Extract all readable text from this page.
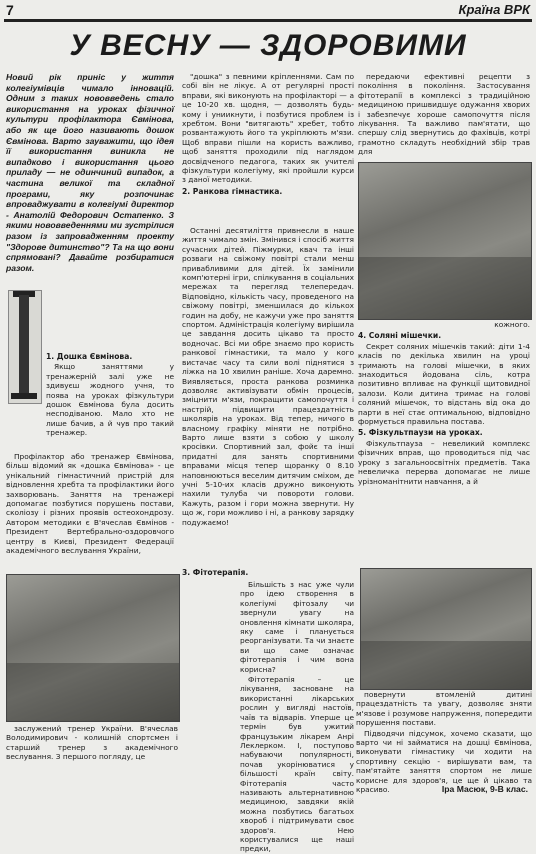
7	Країна ВРК
У ВЕСНУ — ЗДОРОВИМИ

Новий рік приніс у життя колегіумівців чимало інновацій. Одним з таких нововведень стало використання на уроках фізичної культури профілактора Євмінова, або як ще його називають дошок Євмінова. Варто зауважити, що ідея її використання виникла не випадково і використання цього приладу — не одинчиний випадок, а частина великої та складної програми, яку розпочинає впроваджувати в колегіумі директор - Анатолій Федорович Остапенко. З якими нововведеннями ми зустрілися разом із запровадженням проекту "Здорове дитинство"? Та на що вони спрямовані? Давайте розбиратися разом.

1. Дошка Євмінова.

Якщо заняттями у тренажерній залі уже не здивуєш жодного учня, то поява на уроках фізкультури дошок Євмінова була досить несподіваною. Мало хто не лише бачив, а й чув про такий тренажер.

Профілактор або тренажер Євмінова, більш відомий як «дошка Євмінова» - це унікальний гімнастичний пристрій для відновлення хребта та профілактики його захворювань. Заняття на тренажері допомагає позбутися порушень постави, сколіозу і різних проявів остеохондрозу. Автором методики є В'ячеслав Євмінов - Президент Вертебрально-оздоровчого центру в Києві, Президент Федерації академічного веслування України,

заслужений тренер України. В'ячеслав Володимирович - колишній спортсмен і старший тренер з академічного веслування. З першого погляду, це

"дошка" з певними кріпленнями. Сам по собі він не лікує. А от регулярні прості вправи, які виконують на профілакторі — а це 10-20 хв. щодня, — дозволять будь-кому і униикнути, і позбутися проблем із хребтом. Вони "витягають" хребет, тобто розвантажують його та укріплюють м'язи. Щоб вправи пішли на користь важливо, щоб заняття проходили під наглядом досвідченого педагога, таких як учителі фізкультури колегіуму, які пройшли курси з даної методики.

2. Ранкова гімнастика.

Останні десятиліття привнесли в наше життя чимало змін. Змінився і спосіб життя сучасних дітей. Піжмурки, квач та інші розваги на свіжому повітрі стали менш привабливими для дітей. Їх замінили комп'ютерні ігри, спілкування в соціальних мережах та перегляд телепередач. Відповідно, кількість часу, проведеного на свіжому повітрі, зменшилася до кількох годин на добу, не кажучи уже про заняття спортом. Адміністрація колегіуму вирішила це завдання досить цікаво та просто водночас. Всі ми обре знаємо про користь ранкової гімнастики, та мало у кого вистачає часу та сили волі піднятися з ліжка на 10 хвилин раніше. Хоча даремно. Виявляється, проста ранкова розминка дозволяє активізувати обмін процесів, зміцнити м'язи, покращити самопочуття і настрій, підвищити працездатність школярів на уроках. Від тепер, ничого в власному графіку міняти не потрібно. Варто лише взяти з собою у школу кросівки. Спортивний зал, фойє та інші придатні для занять спортивними вправами місця тепер щоранку 0 8.10 наповнюються веселим дитячим сміхом, де учні 5-10-их класів дружно виконують нахили тулуба чи повороти голови. Кажуть, разом і гори можна звернути. Ну що ж, гори можливо і ні, а ранкову зарядку подужаємо!

3. Фітотерапія.

Більшість з нас уже чули про ідею створення в колегіумі фітозалу чи звернули увагу на оновлення кімнати школяра, яку саме і планується реорганізувати. Та чи знаєте ви що саме означає фітотерапія і чим вона корисна?

Фітотерапія – це лікування, засноване на використанні лікарських рослин у вигляді настоїв, чаїв та відварів. Уперше це термін був ужитий французьким лікарем Анрі Леклерком. І, поступово набуваючи популярності, почав укорінюватися у більшості країн світу. Фітотерапія часто називають альтернативною медициною, завдяки якій можна позбутись багатьох хвороб і підтримувати своє здоров'я. Нею користувалися ще наші предки,

передаючи ефективні рецепти з покоління в покоління. Застосування фітотерапії в комплексі з традиційною медициною пришвидшує одужання хворих і забезпечує хороше самопочуття після лікування. Та важливо пам'ятати, що спершу слід звернутись до фахівців, котрі грамотно складуть необхідний збір трав для

кожного.

4. Соляні мішечки.

Секрет соляних мішечків такий: діти 1-4 класів по декілька хвилин на уроці тримають на голові мішечки, в яких знаходиться йодована сіль, котра позитивно впливає на функції щитовидної залози. Коли дитина тримає на голові соляний мішечок, то відстань від ока до парти в неї стає оптимальною, відповідно формується правильна постава.

5. Фізкультпаузи на уроках.

Фізкультпауза – невеликий комплекс фізичних вправ, що проводиться під час уроку з загальноосвітніх предметів. Така невеличка перерва допомагає не лише урізноманітнити навчання, а й

повернути втомленій дитині працездатність та увагу, дозволяє зняти м'язове і розумове напруження, попередити порушення постави.

Підводячи підсумок, хочемо сказати, що варто чи ні займатися на дошці Євмінова, виконувати гімнастику чи ходити на спортивну секцію - вирішувати вам, та пам'ятайте заняття спортом не лише корисне для здоров'я, це ще й цікаво та красиво.	Іра Масюк, 9-В клас.
